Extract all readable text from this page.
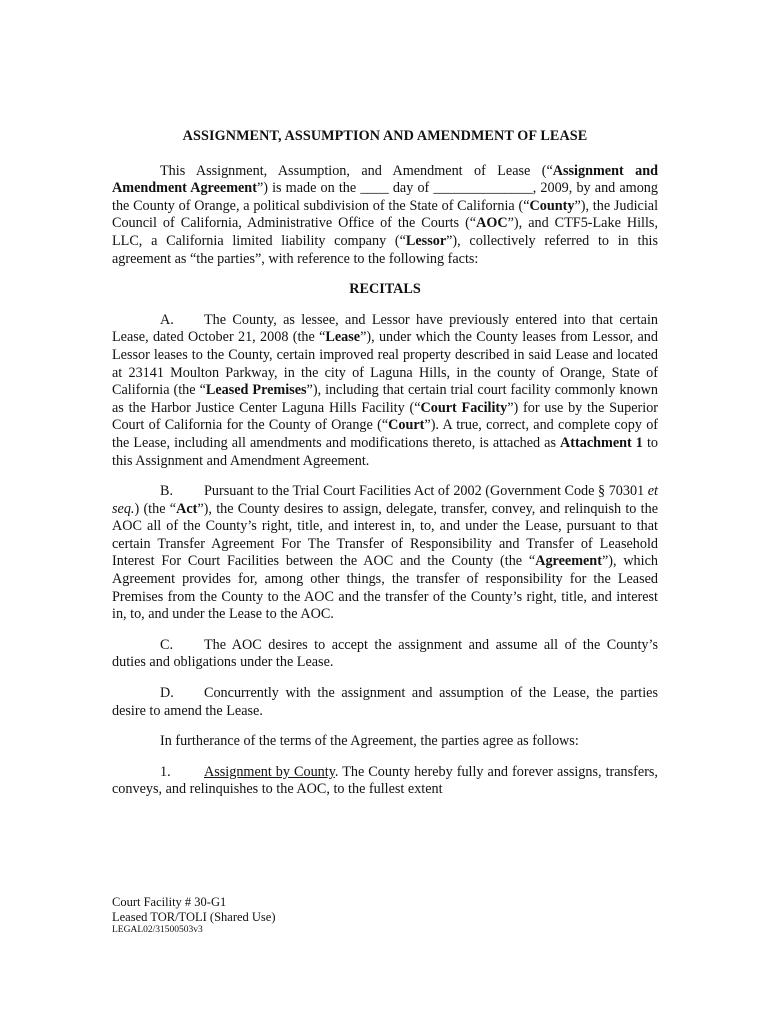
ASSIGNMENT, ASSUMPTION AND AMENDMENT OF LEASE

This Assignment, Assumption, and Amendment of Lease (“Assignment and Amendment Agreement”) is made on the ____ day of ______________, 2009, by and among the County of Orange, a political subdivision of the State of California (“County”), the Judicial Council of California, Administrative Office of the Courts (“AOC”), and CTF5-Lake Hills, LLC, a California limited liability company (“Lessor”), collectively referred to in this agreement as “the parties”, with reference to the following facts:

RECITALS

A. The County, as lessee, and Lessor have previously entered into that certain Lease, dated October 21, 2008 (the “Lease”), under which the County leases from Lessor, and Lessor leases to the County, certain improved real property described in said Lease and located at 23141 Moulton Parkway, in the city of Laguna Hills, in the county of Orange, State of California (the “Leased Premises”), including that certain trial court facility commonly known as the Harbor Justice Center Laguna Hills Facility (“Court Facility”) for use by the Superior Court of California for the County of Orange (“Court”). A true, correct, and complete copy of the Lease, including all amendments and modifications thereto, is attached as Attachment 1 to this Assignment and Amendment Agreement.

B. Pursuant to the Trial Court Facilities Act of 2002 (Government Code § 70301 et seq.) (the “Act”), the County desires to assign, delegate, transfer, convey, and relinquish to the AOC all of the County’s right, title, and interest in, to, and under the Lease, pursuant to that certain Transfer Agreement For The Transfer of Responsibility and Transfer of Leasehold Interest For Court Facilities between the AOC and the County (the “Agreement”), which Agreement provides for, among other things, the transfer of responsibility for the Leased Premises from the County to the AOC and the transfer of the County’s right, title, and interest in, to, and under the Lease to the AOC.

C. The AOC desires to accept the assignment and assume all of the County’s duties and obligations under the Lease.

D. Concurrently with the assignment and assumption of the Lease, the parties desire to amend the Lease.

In furtherance of the terms of the Agreement, the parties agree as follows:

1. Assignment by County. The County hereby fully and forever assigns, transfers, conveys, and relinquishes to the AOC, to the fullest extent

Court Facility # 30-G1
Leased TOR/TOLI (Shared Use)
LEGAL02/31500503v3
